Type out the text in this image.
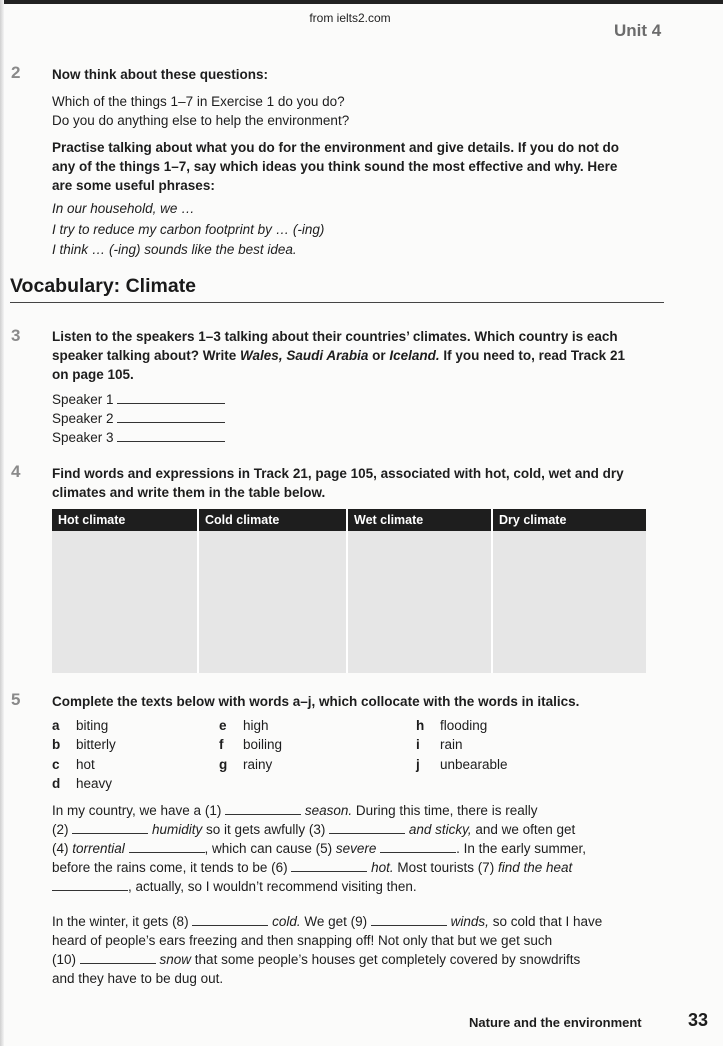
from ielts2.com
Unit 4
2 Now think about these questions:
Which of the things 1–7 in Exercise 1 do you do?
Do you do anything else to help the environment?
Practise talking about what you do for the environment and give details. If you do not do
any of the things 1–7, say which ideas you think sound the most effective and why. Here
are some useful phrases:
In our household, we …
I try to reduce my carbon footprint by … (-ing)
I think … (-ing) sounds like the best idea.
Vocabulary: Climate
3 Listen to the speakers 1–3 talking about their countries’ climates. Which country is each
speaker talking about? Write Wales, Saudi Arabia or Iceland. If you need to, read Track 21
on page 105.
Speaker 1
Speaker 2
Speaker 3
4 Find words and expressions in Track 21, page 105, associated with hot, cold, wet and dry
climates and write them in the table below.
Hot climate	Cold climate	Wet climate	Dry climate

5 Complete the texts below with words a–j, which collocate with the words in italics.
a biting
b bitterly
c hot
d heavy
e high
f boiling
g rainy
h flooding
i rain
j unbearable
In my country, we have a (1)	season. During this time, there is really
(2)	humidity so it gets awfully (3)	and sticky, and we often get
(4) torrential	, which can cause (5) severe	. In the early summer,
before the rains come, it tends to be (6)	hot. Most tourists (7) find the heat
, actually, so I wouldn’t recommend visiting then.
In the winter, it gets (8)	cold. We get (9)	winds, so cold that I have
heard of people’s ears freezing and then snapping off! Not only that but we get such
(10)	snow that some people’s houses get completely covered by snowdrifts
and they have to be dug out.
Nature and the environment	33
